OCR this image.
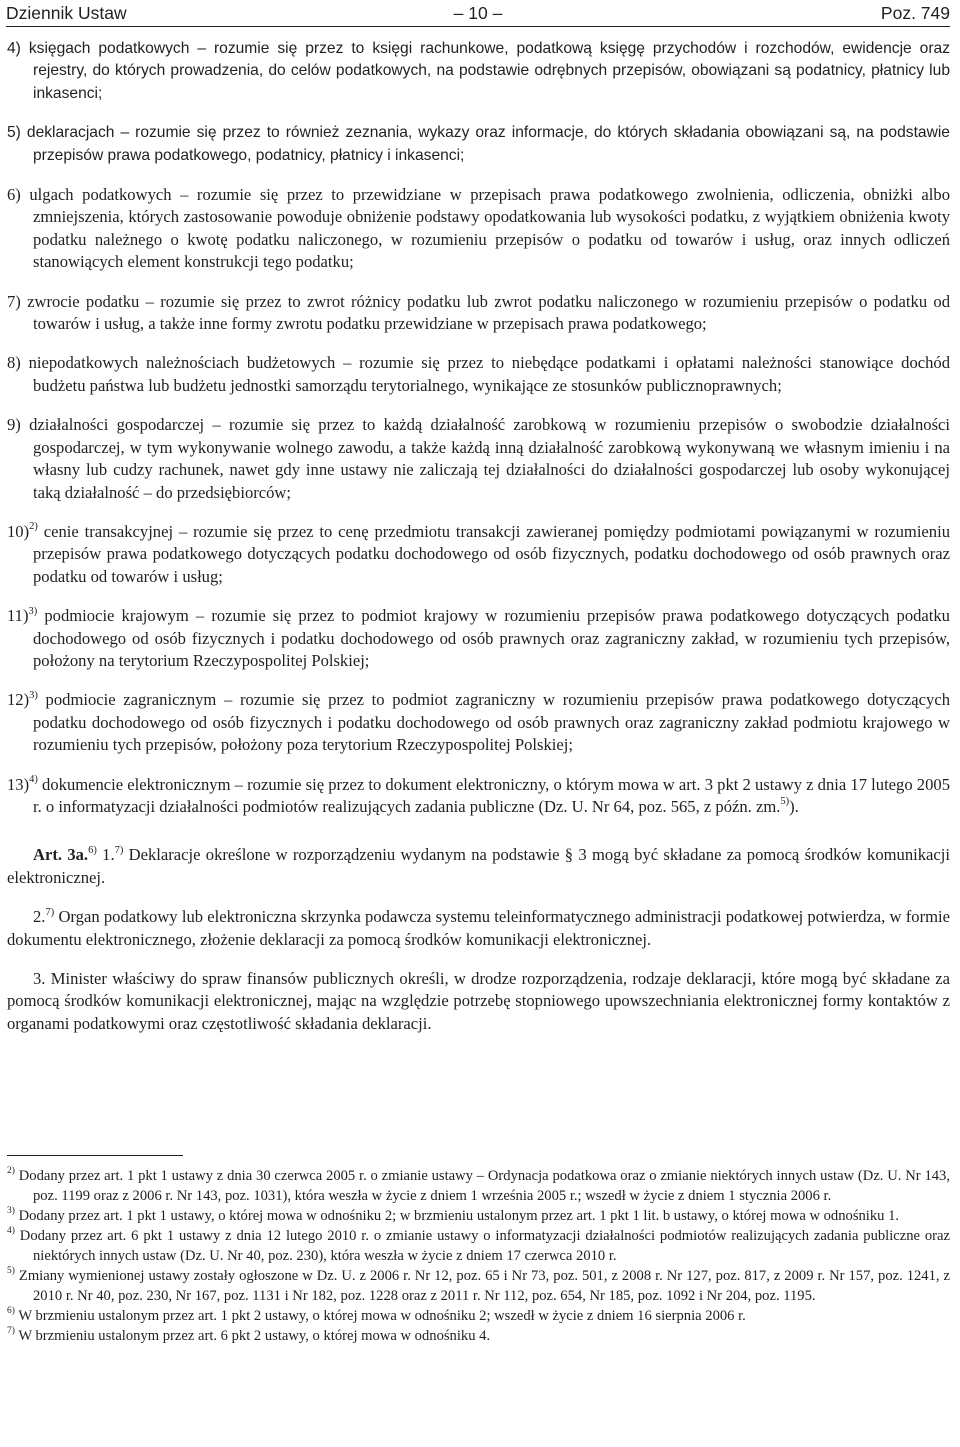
– 10 –
Dziennik Ustaw	Poz. 749

4) księgach podatkowych – rozumie się przez to księgi rachunkowe, podatkową księgę przychodów i rozchodów, ewidencje oraz rejestry, do których prowadzenia, do celów podatkowych, na podstawie odrębnych przepisów, obowiązani są podatnicy, płatnicy lub inkasenci;

5) deklaracjach – rozumie się przez to również zeznania, wykazy oraz informacje, do których składania obowiązani są, na podstawie przepisów prawa podatkowego, podatnicy, płatnicy i inkasenci;

6) ulgach podatkowych – rozumie się przez to przewidziane w przepisach prawa podatkowego zwolnienia, odliczenia, obniżki albo zmniejszenia, których zastosowanie powoduje obniżenie podstawy opodatkowania lub wysokości podatku, z wyjątkiem obniżenia kwoty podatku należnego o kwotę podatku naliczonego, w rozumieniu przepisów o podatku od towarów i usług, oraz innych odliczeń stanowiących element konstrukcji tego podatku;

7) zwrocie podatku – rozumie się przez to zwrot różnicy podatku lub zwrot podatku naliczonego w rozumieniu przepisów o podatku od towarów i usług, a także inne formy zwrotu podatku przewidziane w przepisach prawa podatkowego;

8) niepodatkowych należnościach budżetowych – rozumie się przez to niebędące podatkami i opłatami należności stanowiące dochód budżetu państwa lub budżetu jednostki samorządu terytorialnego, wynikające ze stosunków publicznoprawnych;

9) działalności gospodarczej – rozumie się przez to każdą działalność zarobkową w rozumieniu przepisów o swobodzie działalności gospodarczej, w tym wykonywanie wolnego zawodu, a także każdą inną działalność zarobkową wykonywaną we własnym imieniu i na własny lub cudzy rachunek, nawet gdy inne ustawy nie zaliczają tej działalności do działalności gospodarczej lub osoby wykonującej taką działalność – do przedsiębiorców;

10)$^{2)}$ cenie transakcyjnej – rozumie się przez to cenę przedmiotu transakcji zawieranej pomiędzy podmiotami powiązanymi w rozumieniu przepisów prawa podatkowego dotyczących podatku dochodowego od osób fizycznych, podatku dochodowego od osób prawnych oraz podatku od towarów i usług;

11)$^{3)}$ podmiocie krajowym – rozumie się przez to podmiot krajowy w rozumieniu przepisów prawa podatkowego dotyczących podatku dochodowego od osób fizycznych i podatku dochodowego od osób prawnych oraz zagraniczny zakład, w rozumieniu tych przepisów, położony na terytorium Rzeczypospolitej Polskiej;

12)$^{3)}$ podmiocie zagranicznym – rozumie się przez to podmiot zagraniczny w rozumieniu przepisów prawa podatkowego dotyczących podatku dochodowego od osób fizycznych i podatku dochodowego od osób prawnych oraz zagraniczny zakład podmiotu krajowego w rozumieniu tych przepisów, położony poza terytorium Rzeczypospolitej Polskiej;

13)$^{4)}$ dokumencie elektronicznym – rozumie się przez to dokument elektroniczny, o którym mowa w art. 3 pkt 2 ustawy z dnia 17 lutego 2005 r. o informatyzacji działalności podmiotów realizujących zadania publiczne (Dz. U. Nr 64, poz. 565, z późn. zm.$^{5)}$).

Art. 3a.$^{6)}$ 1.$^{7)}$ Deklaracje określone w rozporządzeniu wydanym na podstawie § 3 mogą być składane za pomocą środków komunikacji elektronicznej.

2.$^{7)}$ Organ podatkowy lub elektroniczna skrzynka podawcza systemu teleinformatycznego administracji podatkowej potwierdza, w formie dokumentu elektronicznego, złożenie deklaracji za pomocą środków komunikacji elektronicznej.

3. Minister właściwy do spraw finansów publicznych określi, w drodze rozporządzenia, rodzaje deklaracji, które mogą być składane za pomocą środków komunikacji elektronicznej, mając na względzie potrzebę stopniowego upowszechniania elektronicznej formy kontaktów z organami podatkowymi oraz częstotliwość składania deklaracji.

$^{2)}$ Dodany przez art. 1 pkt 1 ustawy z dnia 30 czerwca 2005 r. o zmianie ustawy – Ordynacja podatkowa oraz o zmianie niektórych innych ustaw (Dz. U. Nr 143, poz. 1199 oraz z 2006 r. Nr 143, poz. 1031), która weszła w życie z dniem 1 września 2005 r.; wszedł w życie z dniem 1 stycznia 2006 r.

$^{3)}$ Dodany przez art. 1 pkt 1 ustawy, o której mowa w odnośniku 2; w brzmieniu ustalonym przez art. 1 pkt 1 lit. b ustawy, o której mowa w odnośniku 1.

$^{4)}$ Dodany przez art. 6 pkt 1 ustawy z dnia 12 lutego 2010 r. o zmianie ustawy o informatyzacji działalności podmiotów realizujących zadania publiczne oraz niektórych innych ustaw (Dz. U. Nr 40, poz. 230), która weszła w życie z dniem 17 czerwca 2010 r.

$^{5)}$ Zmiany wymienionej ustawy zostały ogłoszone w Dz. U. z 2006 r. Nr 12, poz. 65 i Nr 73, poz. 501, z 2008 r. Nr 127, poz. 817, z 2009 r. Nr 157, poz. 1241, z 2010 r. Nr 40, poz. 230, Nr 167, poz. 1131 i Nr 182, poz. 1228 oraz z 2011 r. Nr 112, poz. 654, Nr 185, poz. 1092 i Nr 204, poz. 1195.

$^{6)}$ W brzmieniu ustalonym przez art. 1 pkt 2 ustawy, o której mowa w odnośniku 2; wszedł w życie z dniem 16 sierpnia 2006 r.

$^{7)}$ W brzmieniu ustalonym przez art. 6 pkt 2 ustawy, o której mowa w odnośniku 4.
